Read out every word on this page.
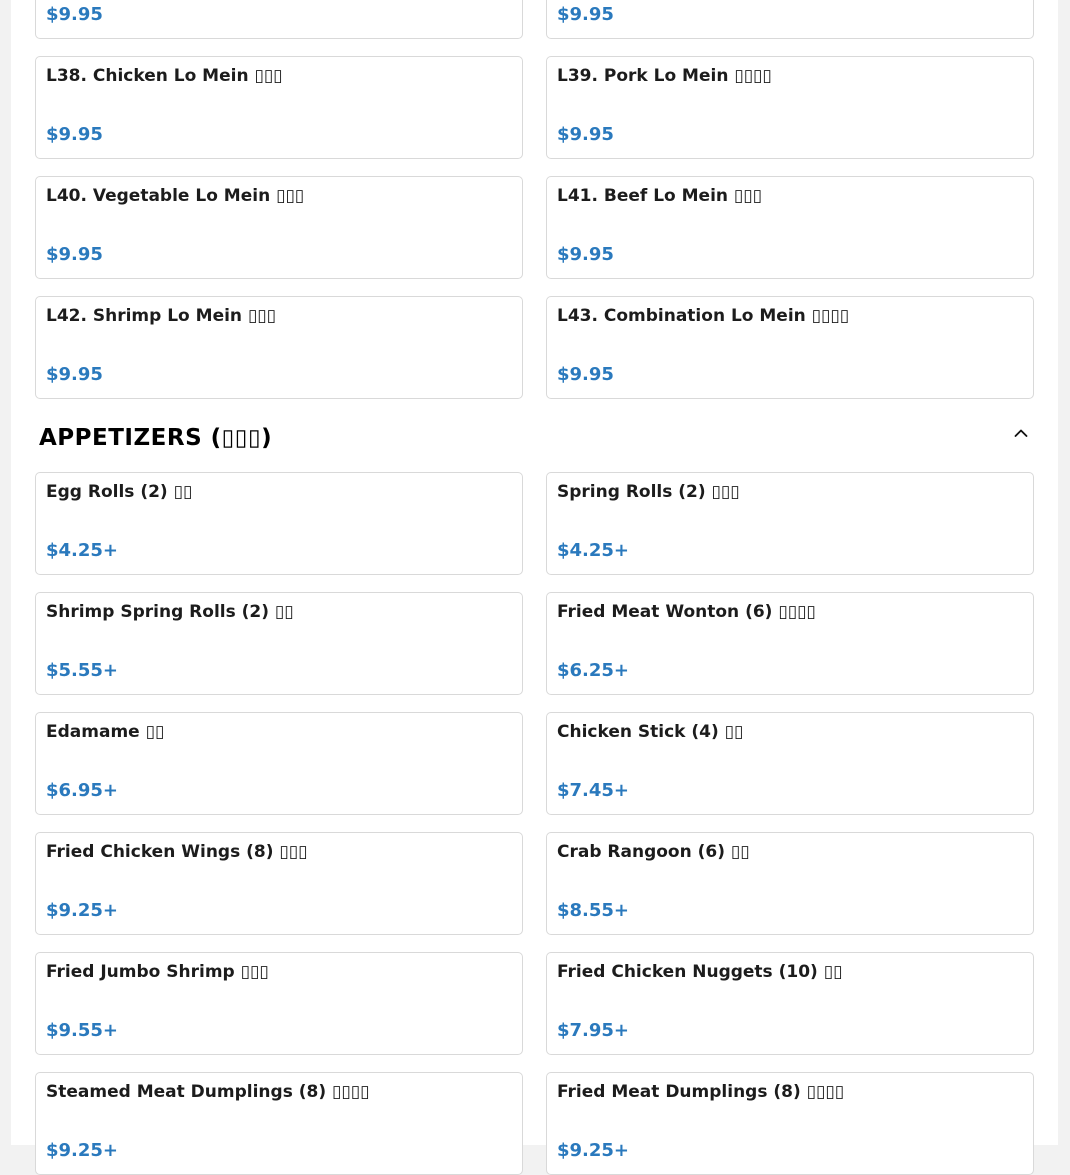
$9.95	$9.95
L38. Chicken Lo Mein ▯▯▯
$9.95
L39. Pork Lo Mein ▯▯▯▯
$9.95
L40. Vegetable Lo Mein ▯▯▯
$9.95
L41. Beef Lo Mein ▯▯▯
$9.95
L42. Shrimp Lo Mein ▯▯▯
$9.95
L43. Combination Lo Mein ▯▯▯▯
$9.95
APPETIZERS (▯▯▯)
Egg Rolls (2) ▯▯
$4.25+
Spring Rolls (2) ▯▯▯
$4.25+
Shrimp Spring Rolls (2) ▯▯
$5.55+
Fried Meat Wonton (6) ▯▯▯▯
$6.25+
Edamame ▯▯
$6.95+
Chicken Stick (4) ▯▯
$7.45+
Fried Chicken Wings (8) ▯▯▯
$9.25+
Crab Rangoon (6) ▯▯
$8.55+
Fried Jumbo Shrimp ▯▯▯
$9.55+
Fried Chicken Nuggets (10) ▯▯
$7.95+
Steamed Meat Dumplings (8) ▯▯▯▯
$9.25+
Fried Meat Dumplings (8) ▯▯▯▯
$9.25+
